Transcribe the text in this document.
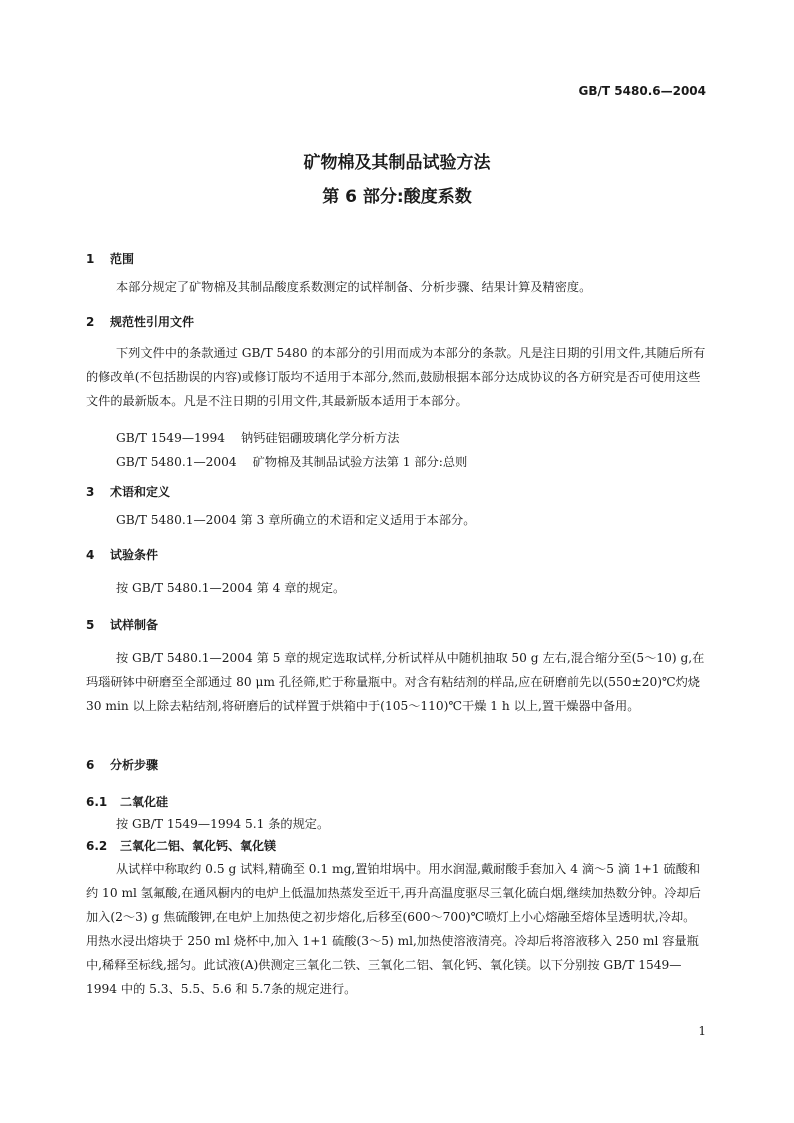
GB/T 5480.6—2004
矿物棉及其制品试验方法
第 6 部分:酸度系数
1 范围
本部分规定了矿物棉及其制品酸度系数测定的试样制备、分析步骤、结果计算及精密度。
2 规范性引用文件
下列文件中的条款通过 GB/T 5480 的本部分的引用而成为本部分的条款。凡是注日期的引用文件,其随后所有的修改单(不包括勘误的内容)或修订版均不适用于本部分,然而,鼓励根据本部分达成协议的各方研究是否可使用这些文件的最新版本。凡是不注日期的引用文件,其最新版本适用于本部分。
GB/T 1549—1994 钠钙硅铝硼玻璃化学分析方法
GB/T 5480.1—2004 矿物棉及其制品试验方法第 1 部分:总则
3 术语和定义
GB/T 5480.1—2004 第 3 章所确立的术语和定义适用于本部分。
4 试验条件
按 GB/T 5480.1—2004 第 4 章的规定。
5 试样制备
按 GB/T 5480.1—2004 第 5 章的规定选取试样,分析试样从中随机抽取 50 g 左右,混合缩分至(5～10) g,在玛瑙研钵中研磨至全部通过 80 μm 孔径筛,贮于称量瓶中。对含有粘结剂的样品,应在研磨前先以(550±20)℃灼烧 30 min 以上除去粘结剂,将研磨后的试样置于烘箱中于(105～110)℃干燥 1 h 以上,置干燥器中备用。
6 分析步骤
6.1 二氧化硅
按 GB/T 1549—1994 5.1 条的规定。
6.2 三氧化二铝、氧化钙、氧化镁
从试样中称取约 0.5 g 试料,精确至 0.1 mg,置铂坩埚中。用水润湿,戴耐酸手套加入 4 滴～5 滴 1+1 硫酸和约 10 ml 氢氟酸,在通风橱内的电炉上低温加热蒸发至近干,再升高温度驱尽三氧化硫白烟,继续加热数分钟。冷却后加入(2～3) g 焦硫酸钾,在电炉上加热使之初步熔化,后移至(600～700)℃喷灯上小心熔融至熔体呈透明状,冷却。用热水浸出熔块于 250 ml 烧杯中,加入 1+1 硫酸(3～5) ml,加热使溶液清亮。冷却后将溶液移入 250 ml 容量瓶中,稀释至标线,摇匀。此试液(A)供测定三氧化二铁、三氧化二铝、氧化钙、氧化镁。以下分别按 GB/T 1549—1994 中的 5.3、5.5、5.6 和 5.7条的规定进行。
1
